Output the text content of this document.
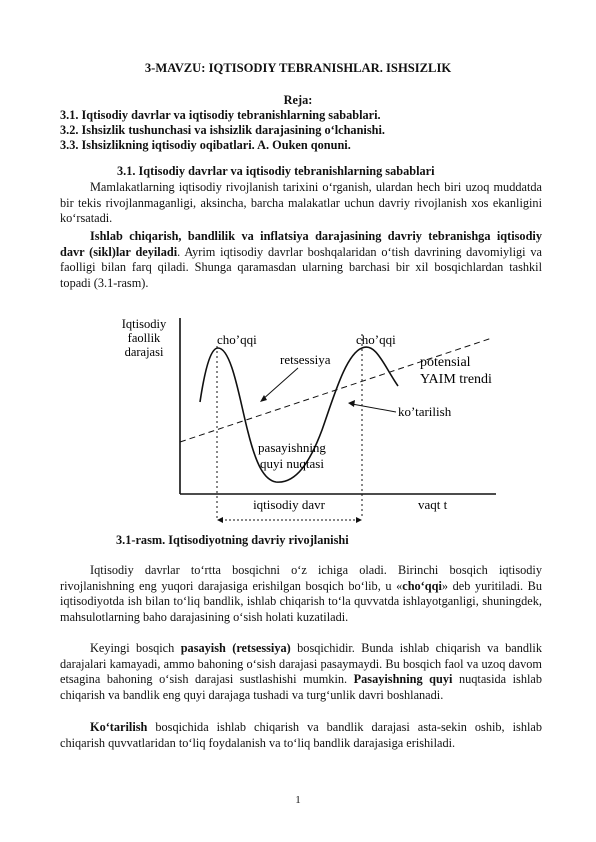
3-MAVZU: IQTISODIY TEBRANISHLAR. ISHSIZLIK
Reja:
3.1. Iqtisodiy davrlar va iqtisodiy tebranishlarning sabablari.
3.2. Ishsizlik tushunchasi va ishsizlik darajasining o‘lchanishi.
3.3. Ishsizlikning iqtisodiy oqibatlari. A. Ouken qonuni.
3.1. Iqtisodiy davrlar va iqtisodiy tebranishlarning sabablari

Mamlakatlarning iqtisodiy rivojlanish tarixini o‘rganish, ulardan hech biri uzoq muddatda bir tekis rivojlanmaganligi, aksincha, barcha malakatlar uchun davriy rivojlanish xos ekanligini ko‘rsatadi.

Ishlab chiqarish, bandlilik va inflatsiya darajasining davriy tebranishga iqtisodiy davr (sikl)lar deyiladi. Ayrim iqtisodiy davrlar boshqalaridan o‘tish davrining davomiyligi va faolligi bilan farq qiladi. Shunga qaramasdan ularning barchasi bir xil bosqichlardan tashkil topadi (3.1-rasm).

Iqtisodiy
faollik
darajasi
cho’qqi	cho’qqi
retsessiya	potensial
YAIM trendi
ko’tarilish
pasayishning
quyi nuqtasi
iqtisodiy davr	vaqt t
3.1-rasm. Iqtisodiyotning davriy rivojlanishi

Iqtisodiy davrlar to‘rtta bosqichni o‘z ichiga oladi. Birinchi bosqich iqtisodiy rivojlanishning eng yuqori darajasiga erishilgan bosqich bo‘lib, u «cho‘qqi» deb yuritiladi. Bu iqtisodiyotda ish bilan to‘liq bandlik, ishlab chiqarish to‘la quvvatda ishlayotganligi, shuningdek, mahsulotlarning baho darajasining o‘sish holati kuzatiladi.

Keyingi bosqich pasayish (retsessiya) bosqichidir. Bunda ishlab chiqarish va bandlik darajalari kamayadi, ammo bahoning o‘sish darajasi pasaymaydi. Bu bosqich faol va uzoq davom etsagina bahoning o‘sish darajasi sustlashishi mumkin. Pasayishning quyi nuqtasida ishlab chiqarish va bandlik eng quyi darajaga tushadi va turg‘unlik davri boshlanadi.

Ko‘tarilish bosqichida ishlab chiqarish va bandlik darajasi asta-sekin oshib, ishlab chiqarish quvvatlaridan to‘liq foydalanish va to‘liq bandlik darajasiga erishiladi.

1
